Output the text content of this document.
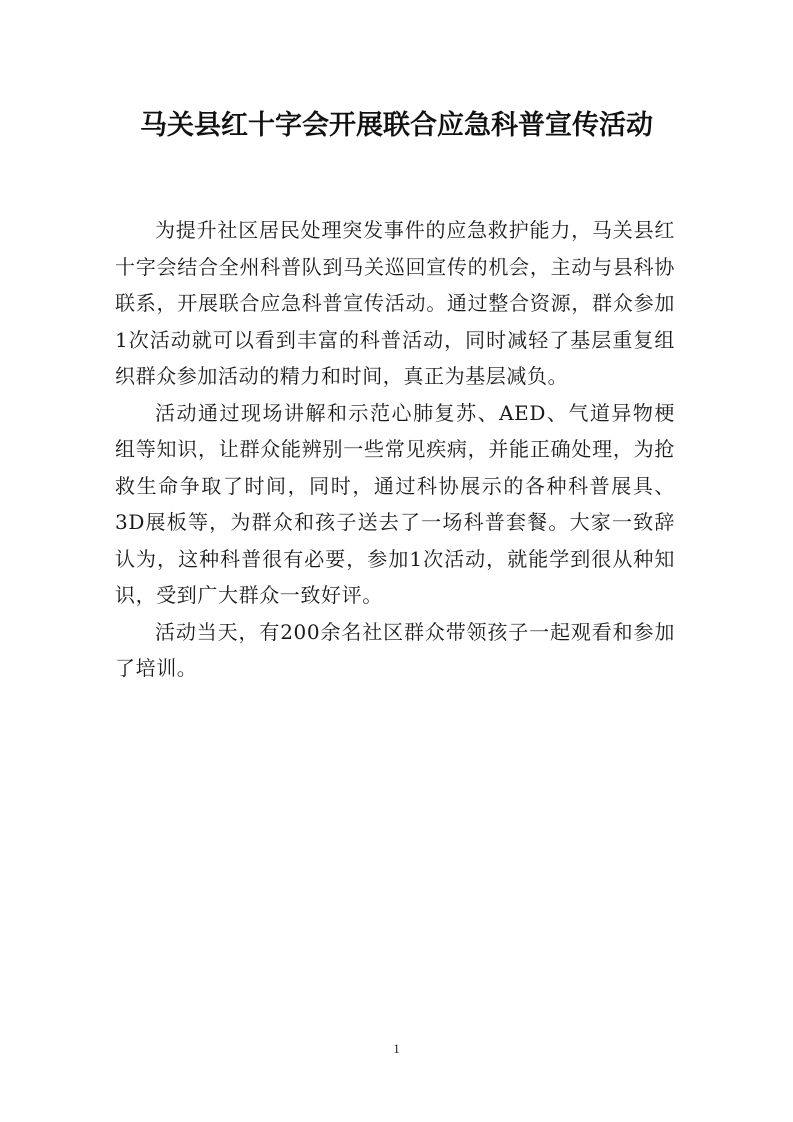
马关县红十字会开展联合应急科普宣传活动

为提升社区居民处理突发事件的应急救护能力，马关县红十字会结合全州科普队到马关巡回宣传的机会，主动与县科协联系，开展联合应急科普宣传活动。通过整合资源，群众参加1次活动就可以看到丰富的科普活动，同时减轻了基层重复组织群众参加活动的精力和时间，真正为基层减负。

活动通过现场讲解和示范心肺复苏、AED、气道异物梗组等知识，让群众能辨别一些常见疾病，并能正确处理，为抢救生命争取了时间，同时，通过科协展示的各种科普展具、3D展板等，为群众和孩子送去了一场科普套餐。大家一致辞认为，这种科普很有必要，参加1次活动，就能学到很从种知识，受到广大群众一致好评。

活动当天，有200余名社区群众带领孩子一起观看和参加了培训。

1
